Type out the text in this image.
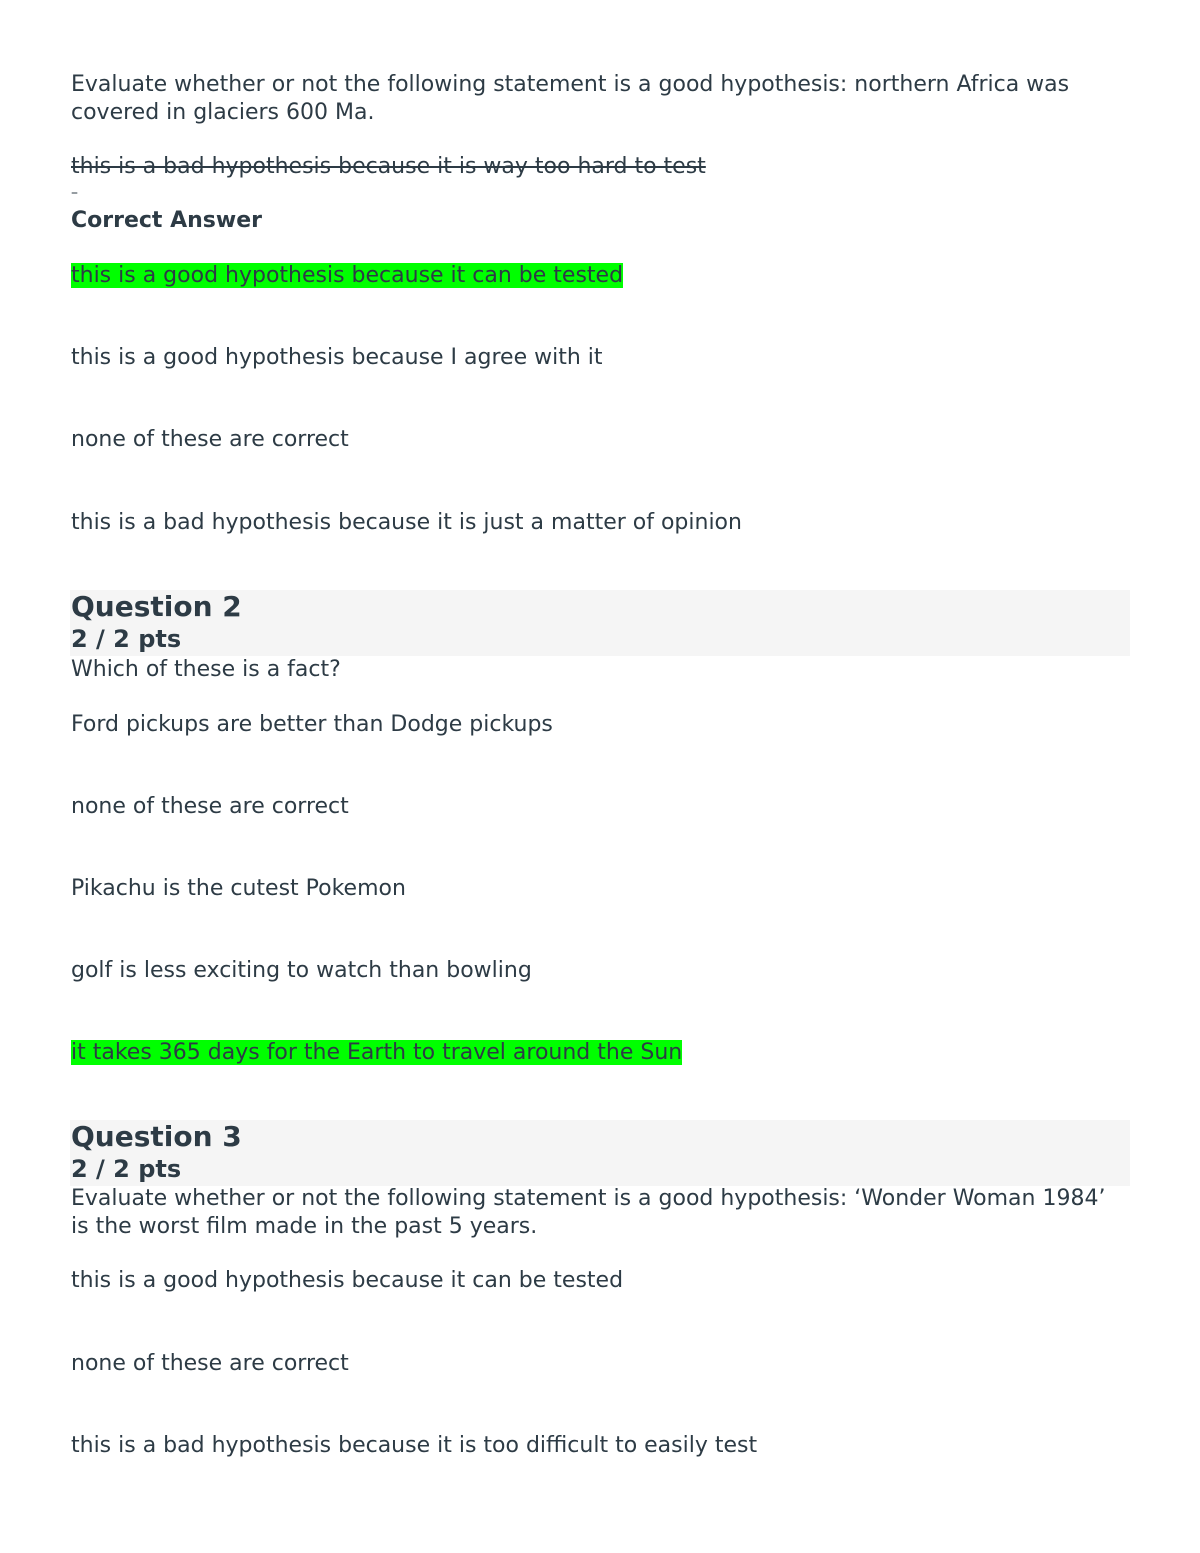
Evaluate whether or not the following statement is a good hypothesis: northern Africa was covered in glaciers 600 Ma.
this is a bad hypothesis because it is way too hard to test
–
Correct Answer
this is a good hypothesis because it can be tested
this is a good hypothesis because I agree with it
none of these are correct
this is a bad hypothesis because it is just a matter of opinion
Question 2
2 / 2 pts
Which of these is a fact?
Ford pickups are better than Dodge pickups
none of these are correct
Pikachu is the cutest Pokemon
golf is less exciting to watch than bowling
it takes 365 days for the Earth to travel around the Sun
Question 3
2 / 2 pts
Evaluate whether or not the following statement is a good hypothesis: ‘Wonder Woman 1984’ is the worst film made in the past 5 years.
this is a good hypothesis because it can be tested
none of these are correct
this is a bad hypothesis because it is too difficult to easily test
